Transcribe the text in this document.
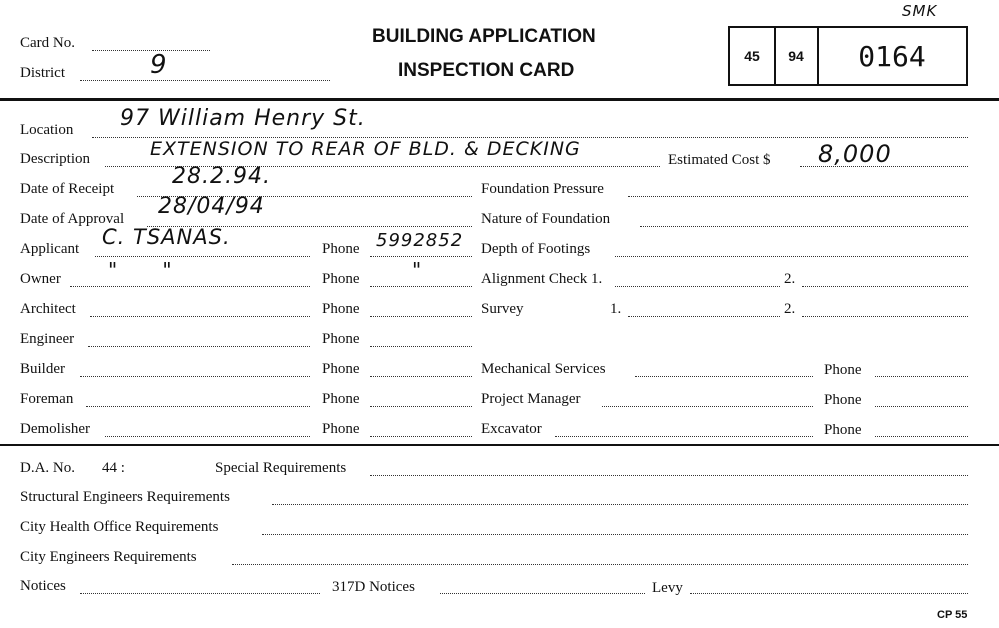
SMK
Card No.
District	9
BUILDING APPLICATION
INSPECTION CARD
45	94	0164
Location 97 William Henry St.
Description	EXTENSION TO REAR OF BLD. & DECKING	Estimated Cost $ 8,000
Date of Receipt	28.2.94.	Foundation Pressure
Date of Approval 28/04/94	Nature of Foundation
Applicant C. TSANAS.	Phone 5992852 Depth of Footings
Owner "      "	Phone	"	Alignment Check 1.	2.
Architect	Phone	Survey	1.	2.
Engineer	Phone
Builder	Phone	Mechanical Services	Phone
Foreman	Phone	Project Manager	Phone
Demolisher	Phone	Excavator	Phone
D.A. No. 44 :	Special Requirements
Structural Engineers Requirements
City Health Office Requirements
City Engineers Requirements
Notices	317D Notices	Levy
CP 55
